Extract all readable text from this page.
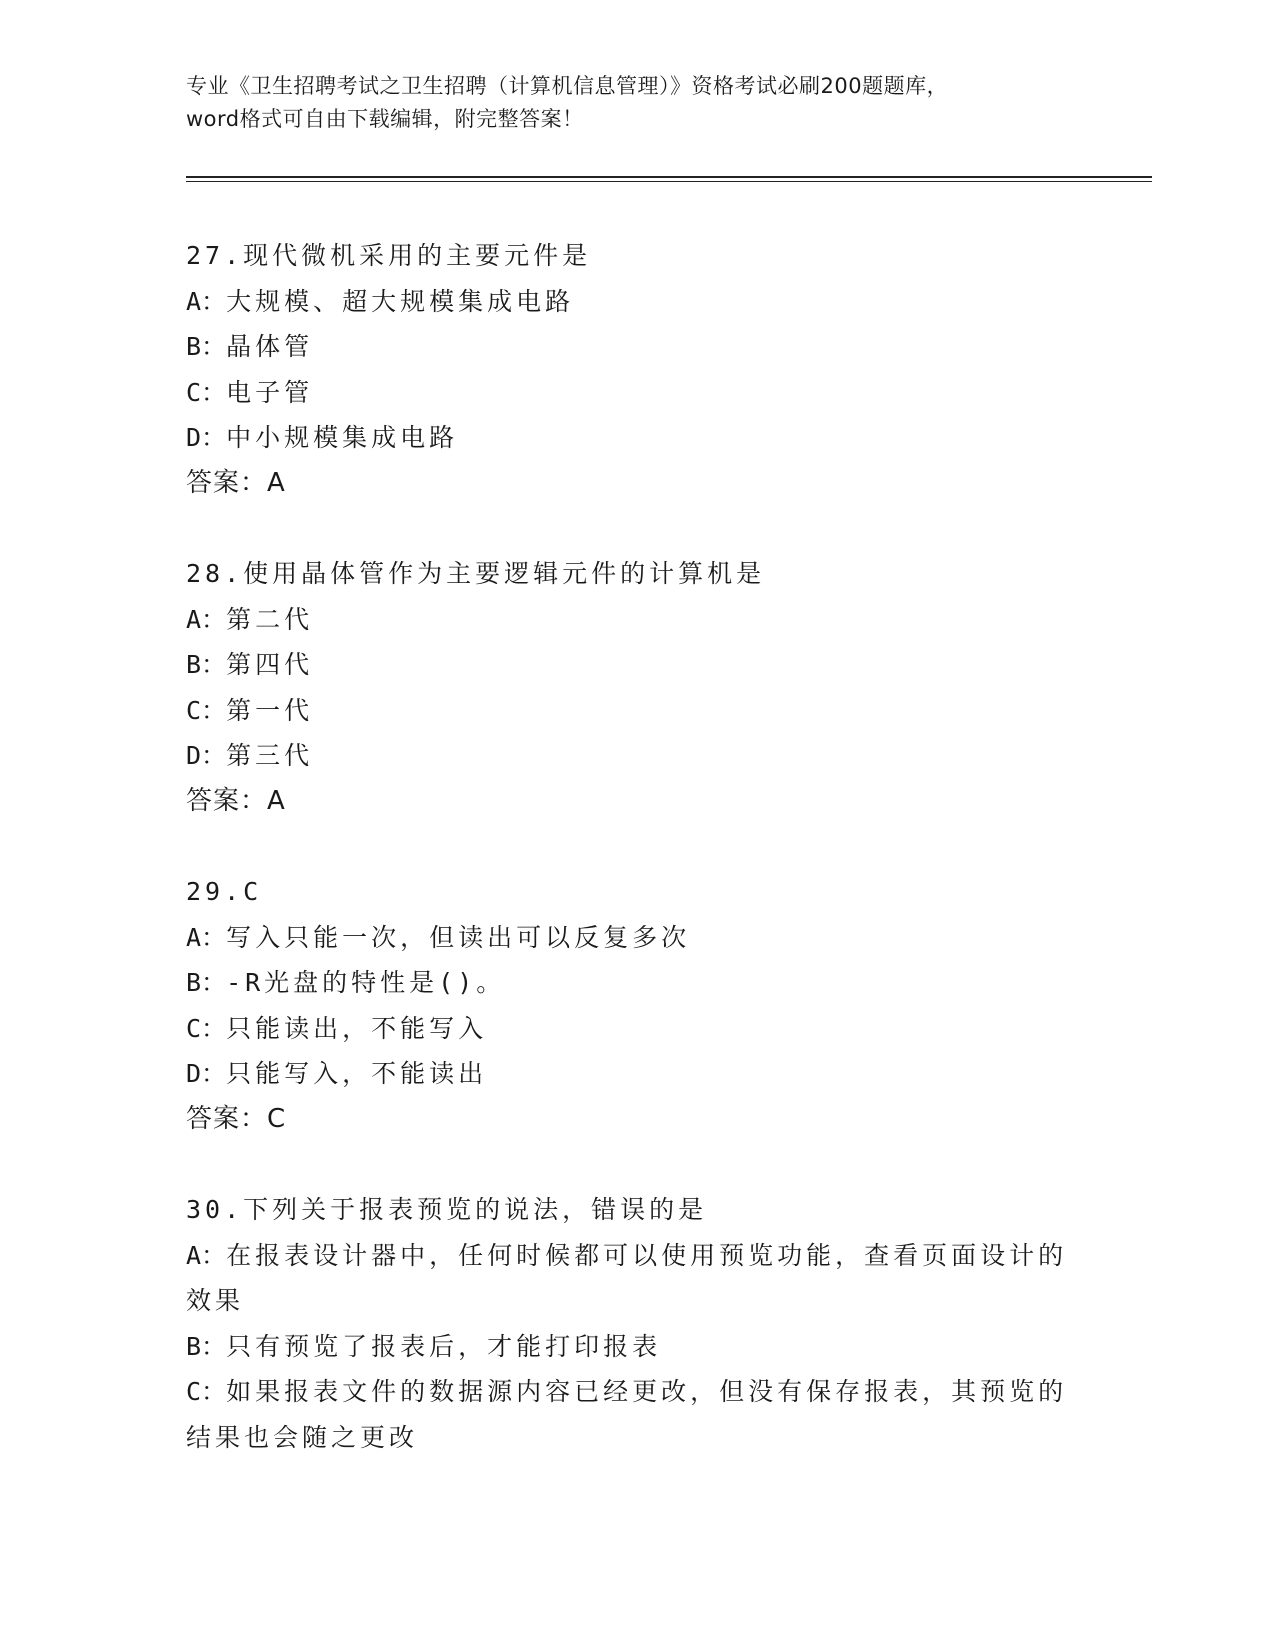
专业《卫生招聘考试之卫生招聘（计算机信息管理）》资格考试必刷200题题库，
word格式可自由下载编辑，附完整答案！
27.现代微机采用的主要元件是
A：大规模、超大规模集成电路
B：晶体管
C：电子管
D：中小规模集成电路
答案：A
28.使用晶体管作为主要逻辑元件的计算机是
A：第二代
B：第四代
C：第一代
D：第三代
答案：A
29.C
A：写入只能一次，但读出可以反复多次
B：-R光盘的特性是()。
C：只能读出，不能写入
D：只能写入，不能读出
答案：C
30.下列关于报表预览的说法，错误的是
A：在报表设计器中，任何时候都可以使用预览功能，查看页面设计的效果
B：只有预览了报表后，才能打印报表
C：如果报表文件的数据源内容已经更改，但没有保存报表，其预览的结果也会随之更改
